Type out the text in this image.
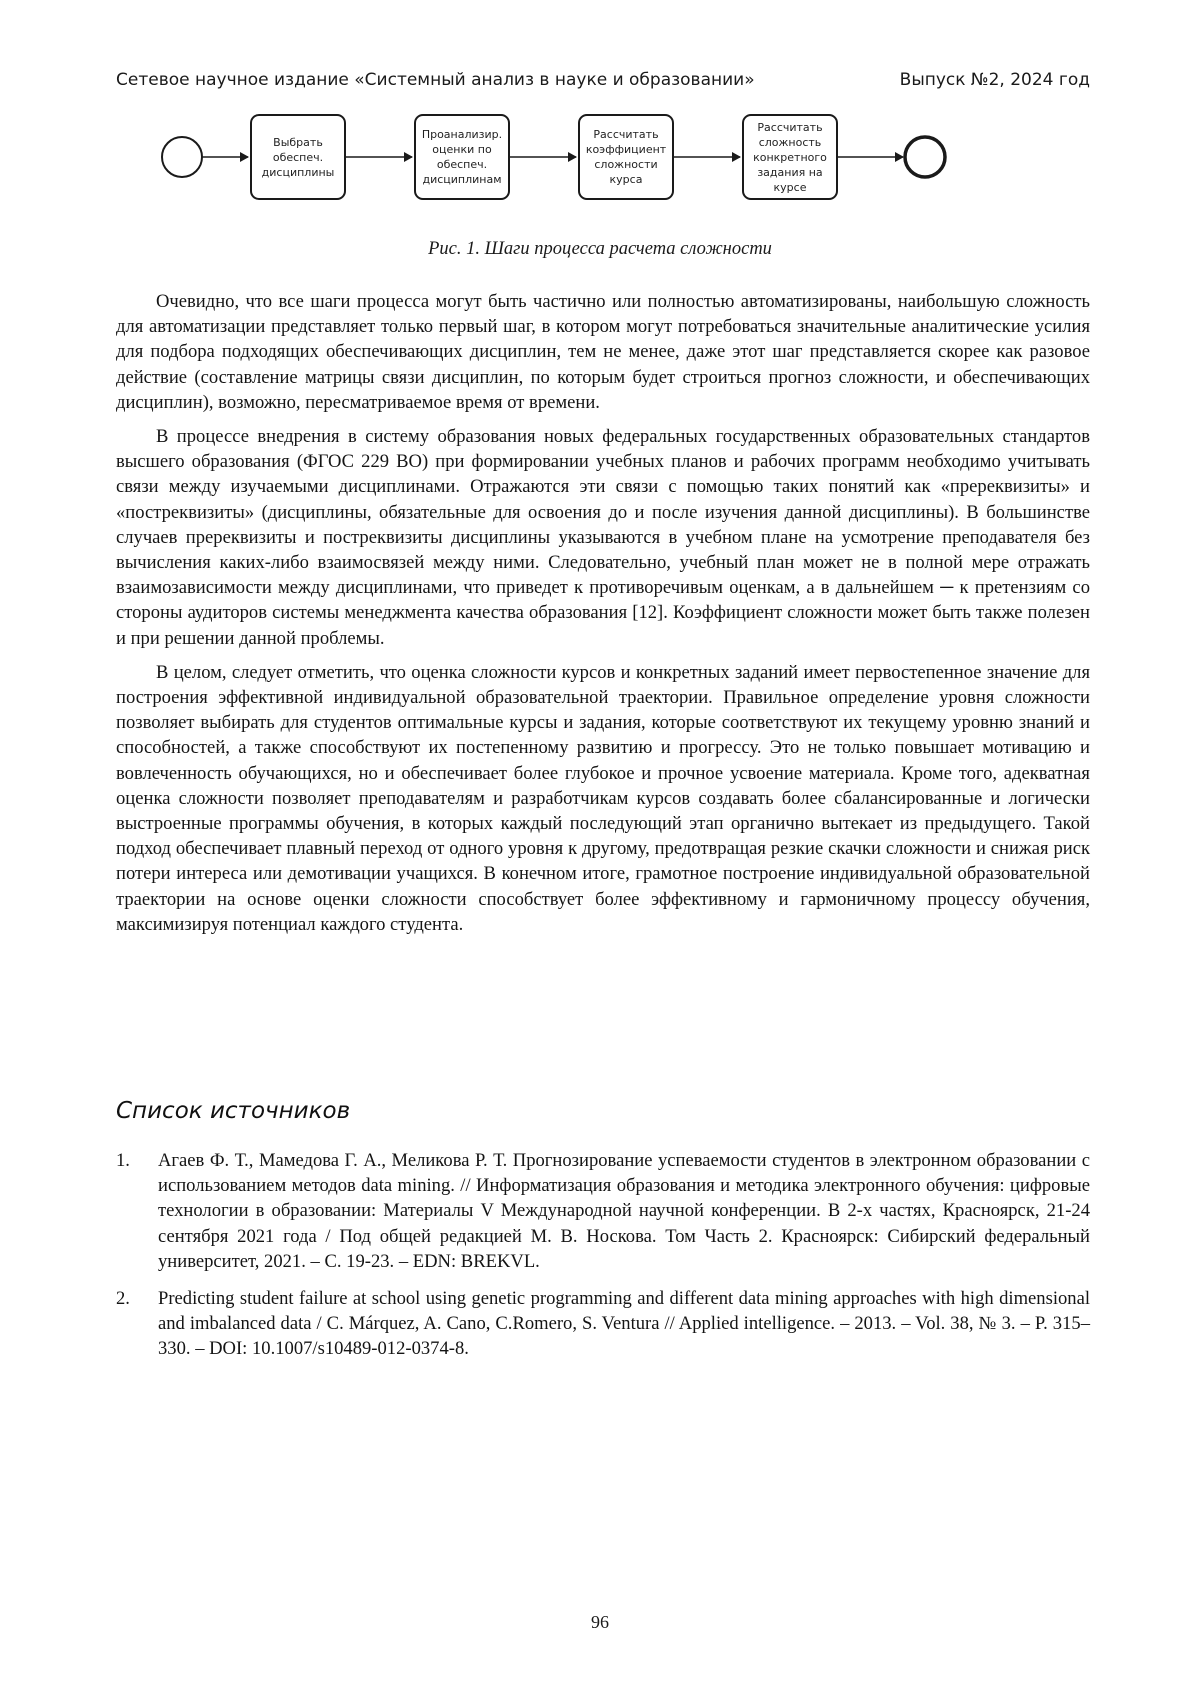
Сетевое научное издание «Системный анализ в науке и образовании»	Выпуск №2, 2024 год
Выбрать
обеспеч.
дисциплины
Проанализир.
оценки по
обеспеч.
дисциплинам
Рассчитать
коэффициент
сложности
курса
Рассчитать
сложность
конкретного
задания на
курсе
Рис. 1. Шаги процесса расчета сложности

Очевидно, что все шаги процесса могут быть частично или полностью автоматизированы, наибольшую сложность для автоматизации представляет только первый шаг, в котором могут потребоваться значительные аналитические усилия для подбора подходящих обеспечивающих дисциплин, тем не менее, даже этот шаг представляется скорее как разовое действие (составление матрицы связи дисциплин, по которым будет строиться прогноз сложности, и обеспечивающих дисциплин), возможно, пересматриваемое время от времени.

В процессе внедрения в систему образования новых федеральных государственных образовательных стандартов высшего образования (ФГОС 229 ВО) при формировании учебных планов и рабочих программ необходимо учитывать связи между изучаемыми дисциплинами. Отражаются эти связи с помощью таких понятий как «пререквизиты» и «постреквизиты» (дисциплины, обязательные для освоения до и после изучения данной дисциплины). В большинстве случаев пререквизиты и постреквизиты дисциплины указываются в учебном плане на усмотрение преподавателя без вычисления каких-либо взаимосвязей между ними. Следовательно, учебный план может не в полной мере отражать взаимозависимости между дисциплинами, что приведет к противоречивым оценкам, а в дальнейшем ─ к претензиям со стороны аудиторов системы менеджмента качества образования [12]. Коэффициент сложности может быть также полезен и при решении данной проблемы.

В целом, следует отметить, что оценка сложности курсов и конкретных заданий имеет первостепенное значение для построения эффективной индивидуальной образовательной траектории. Правильное определение уровня сложности позволяет выбирать для студентов оптимальные курсы и задания, которые соответствуют их текущему уровню знаний и способностей, а также способствуют их постепенному развитию и прогрессу. Это не только повышает мотивацию и вовлеченность обучающихся, но и обеспечивает более глубокое и прочное усвоение материала. Кроме того, адекватная оценка сложности позволяет преподавателям и разработчикам курсов создавать более сбалансированные и логически выстроенные программы обучения, в которых каждый последующий этап органично вытекает из предыдущего. Такой подход обеспечивает плавный переход от одного уровня к другому, предотвращая резкие скачки сложности и снижая риск потери интереса или демотивации учащихся. В конечном итоге, грамотное построение индивидуальной образовательной траектории на основе оценки сложности способствует более эффективному и гармоничному процессу обучения, максимизируя потенциал каждого студента.

Список источников
1.	Агаев Ф. Т., Мамедова Г. А., Меликова Р. Т. Прогнозирование успеваемости студентов в электронном образовании с использованием методов data mining. // Информатизация образования и методика электронного обучения: цифровые технологии в образовании: Материалы V Международной научной конференции. В 2-х частях, Красноярск, 21-24 сентября 2021 года / Под общей редакцией М. В. Носкова. Том Часть 2. Красноярск: Сибирский федеральный университет, 2021. – С. 19-23. – EDN: BREKVL.
2.	Predicting student failure at school using genetic programming and different data mining approaches with high dimensional and imbalanced data / C. Márquez, A. Cano, C.Romero, S. Ventura // Applied intelligence. – 2013. – Vol. 38, № 3. – P. 315–330. – DOI: 10.1007/s10489-012-0374-8.
96
